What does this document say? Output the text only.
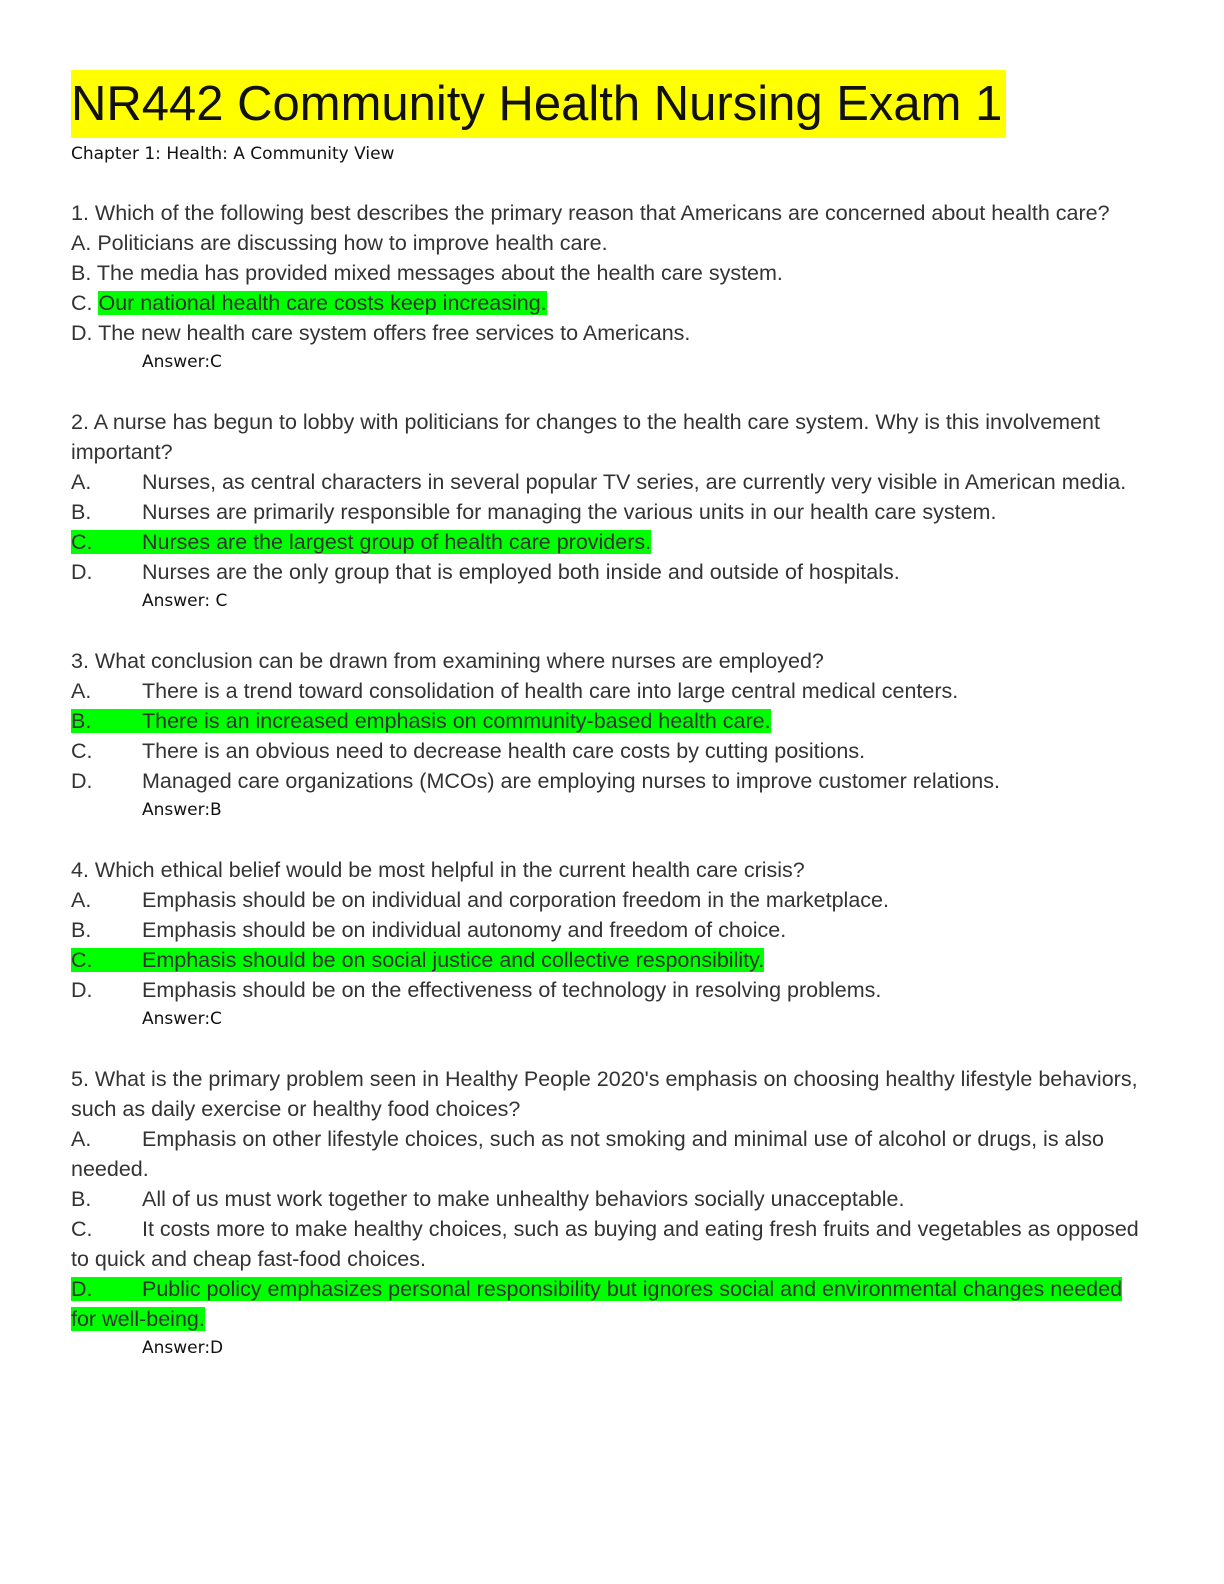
NR442 Community Health Nursing Exam 1
Chapter 1: Health: A Community View

1. Which of the following best describes the primary reason that Americans are concerned about health care?

A. Politicians are discussing how to improve health care.

B. The media has provided mixed messages about the health care system.

C. Our national health care costs keep increasing.

D. The new health care system offers free services to Americans.

Answer:C

2. A nurse has begun to lobby with politicians for changes to the health care system. Why is this involvement important?

A. Nurses, as central characters in several popular TV series, are currently very visible in American media.

B. Nurses are primarily responsible for managing the various units in our health care system.

C. Nurses are the largest group of health care providers.

D. Nurses are the only group that is employed both inside and outside of hospitals.

Answer: C

3. What conclusion can be drawn from examining where nurses are employed?

A. There is a trend toward consolidation of health care into large central medical centers.

B. There is an increased emphasis on community-based health care.

C. There is an obvious need to decrease health care costs by cutting positions.

D. Managed care organizations (MCOs) are employing nurses to improve customer relations.

Answer:B

4. Which ethical belief would be most helpful in the current health care crisis?

A. Emphasis should be on individual and corporation freedom in the marketplace.

B. Emphasis should be on individual autonomy and freedom of choice.

C. Emphasis should be on social justice and collective responsibility.

D. Emphasis should be on the effectiveness of technology in resolving problems.

Answer:C

5. What is the primary problem seen in Healthy People 2020's emphasis on choosing healthy lifestyle behaviors, such as daily exercise or healthy food choices?

A. Emphasis on other lifestyle choices, such as not smoking and minimal use of alcohol or drugs, is also needed.

B. All of us must work together to make unhealthy behaviors socially unacceptable.

C. It costs more to make healthy choices, such as buying and eating fresh fruits and vegetables as opposed to quick and cheap fast-food choices.

D. Public policy emphasizes personal responsibility but ignores social and environmental changes needed for well-being.

Answer:D
